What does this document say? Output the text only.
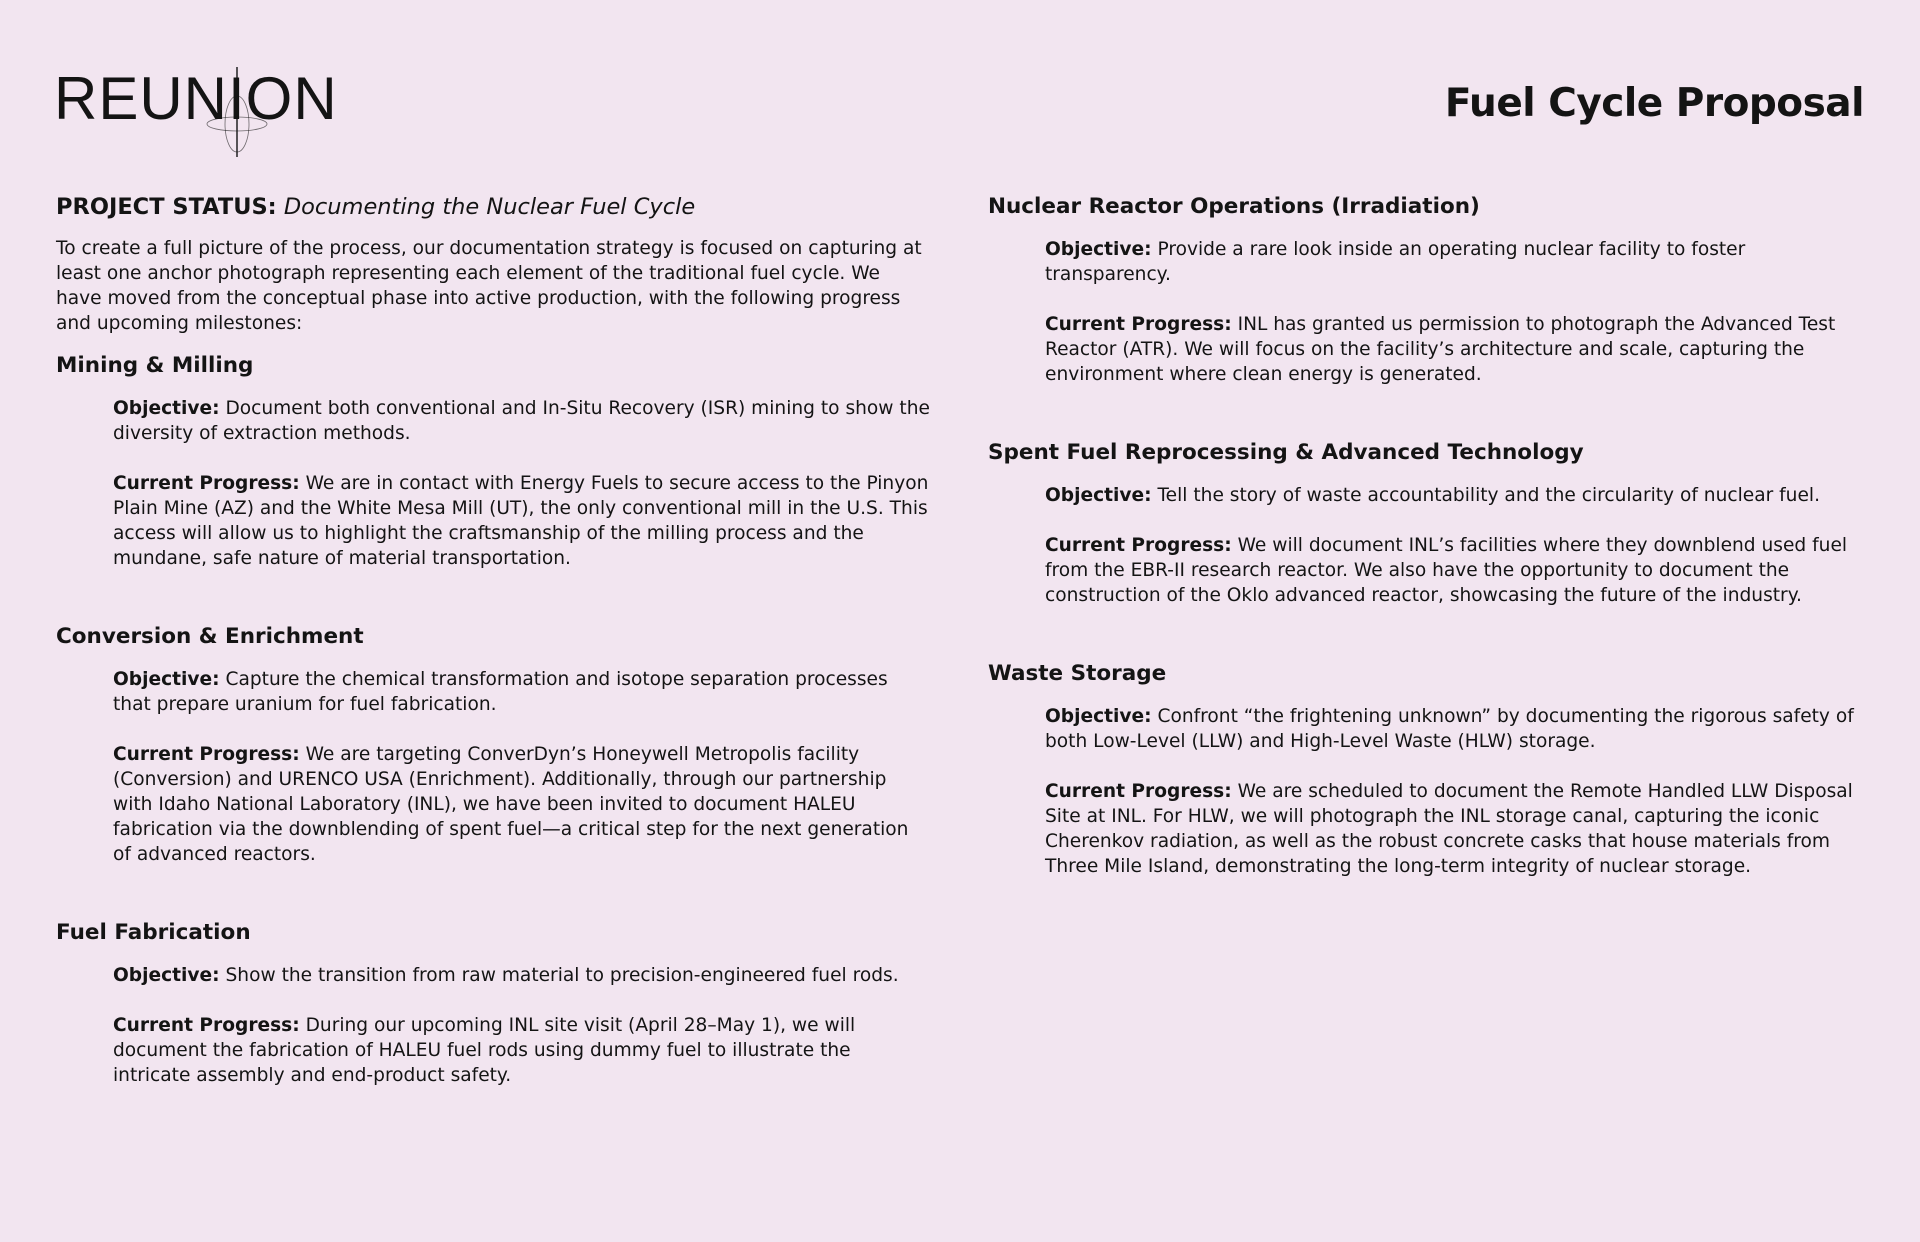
REUNION	Fuel Cycle Proposal

PROJECT STATUS: Documenting the Nuclear Fuel Cycle

To create a full picture of the process, our documentation strategy is focused on capturing at least one anchor photograph representing each element of the traditional fuel cycle. We have moved from the conceptual phase into active production, with the following progress and upcoming milestones:

Mining & Milling

Objective: Document both conventional and In-Situ Recovery (ISR) mining to show the diversity of extraction methods.

Current Progress: We are in contact with Energy Fuels to secure access to the Pinyon Plain Mine (AZ) and the White Mesa Mill (UT), the only conventional mill in the U.S. This access will allow us to highlight the craftsmanship of the milling process and the mundane, safe nature of material transportation.

Conversion & Enrichment

Objective: Capture the chemical transformation and isotope separation processes that prepare uranium for fuel fabrication.

Current Progress: We are targeting ConverDyn’s Honeywell Metropolis facility (Conversion) and URENCO USA (Enrichment). Additionally, through our partnership with Idaho National Laboratory (INL), we have been invited to document HALEU fabrication via the downblending of spent fuel—a critical step for the next generation of advanced reactors.

Fuel Fabrication

Objective: Show the transition from raw material to precision-engineered fuel rods.

Current Progress: During our upcoming INL site visit (April 28–May 1), we will document the fabrication of HALEU fuel rods using dummy fuel to illustrate the intricate assembly and end-product safety.

Nuclear Reactor Operations (Irradiation)

Objective: Provide a rare look inside an operating nuclear facility to foster transparency.

Current Progress: INL has granted us permission to photograph the Advanced Test Reactor (ATR). We will focus on the facility’s architecture and scale, capturing the environment where clean energy is generated.

Spent Fuel Reprocessing & Advanced Technology

Objective: Tell the story of waste accountability and the circularity of nuclear fuel.

Current Progress: We will document INL’s facilities where they downblend used fuel from the EBR-II research reactor. We also have the opportunity to document the construction of the Oklo advanced reactor, showcasing the future of the industry.

Waste Storage

Objective: Confront “the frightening unknown” by documenting the rigorous safety of both Low-Level (LLW) and High-Level Waste (HLW) storage.

Current Progress: We are scheduled to document the Remote Handled LLW Disposal Site at INL. For HLW, we will photograph the INL storage canal, capturing the iconic Cherenkov radiation, as well as the robust concrete casks that house materials from Three Mile Island, demonstrating the long-term integrity of nuclear storage.
